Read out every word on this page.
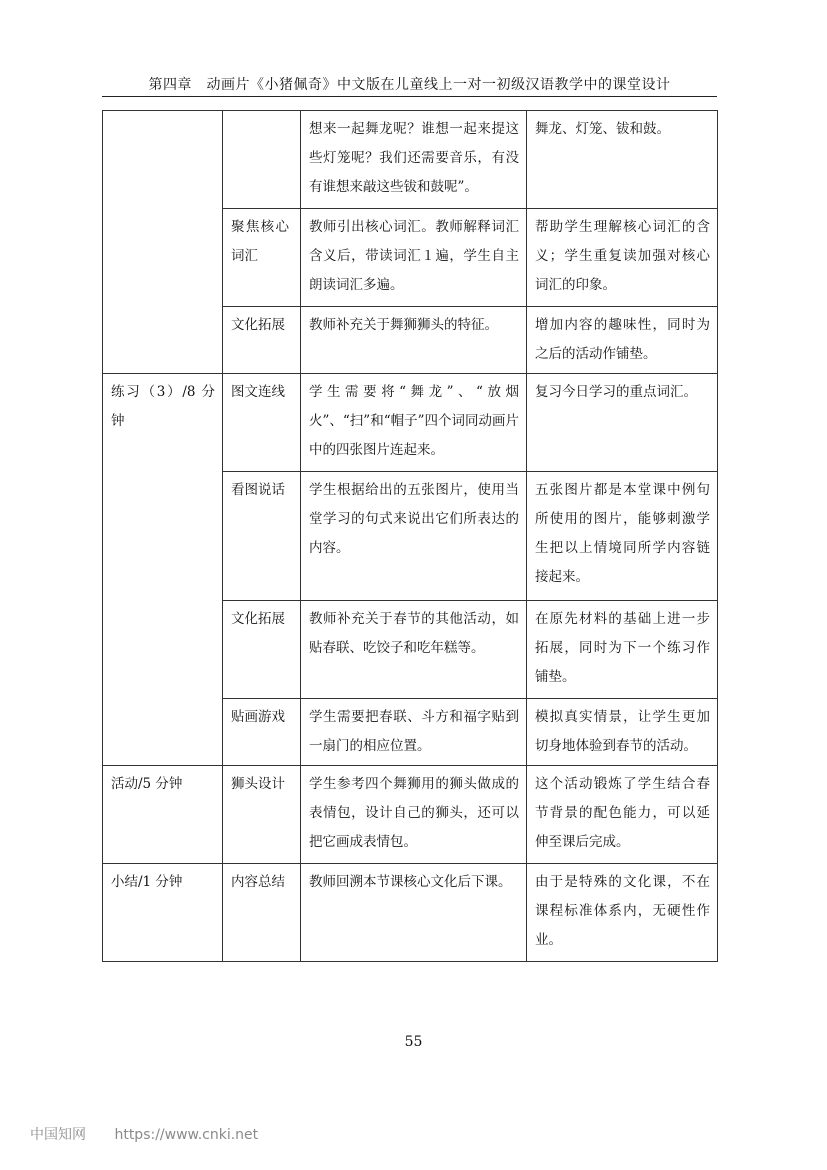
第四章　动画片《小猪佩奇》中文版在儿童线上一对一初级汉语教学中的课堂设计
		想来一起舞龙呢？谁想一起来提这些灯笼呢？我们还需要音乐，有没有谁想来敲这些钹和鼓呢”。	舞龙、灯笼、钹和鼓。
	聚焦核心词汇	教师引出核心词汇。教师解释词汇含义后，带读词汇１遍，学生自主朗读词汇多遍。	帮助学生理解核心词汇的含义；学生重复读加强对核心词汇的印象。
	文化拓展	教师补充关于舞狮狮头的特征。	增加内容的趣味性，同时为之后的活动作铺垫。
练习（3）/8 分钟	图文连线	学生需要将“舞龙”、“放烟火”、“扫”和“帽子”四个词同动画片中的四张图片连起来。	复习今日学习的重点词汇。
	看图说话	学生根据给出的五张图片，使用当堂学习的句式来说出它们所表达的内容。	五张图片都是本堂课中例句所使用的图片，能够刺激学生把以上情境同所学内容链接起来。
	文化拓展	教师补充关于春节的其他活动，如贴春联、吃饺子和吃年糕等。	在原先材料的基础上进一步拓展，同时为下一个练习作铺垫。
	贴画游戏	学生需要把春联、斗方和福字贴到一扇门的相应位置。	模拟真实情景，让学生更加切身地体验到春节的活动。
活动/5 分钟	狮头设计	学生参考四个舞狮用的狮头做成的表情包，设计自己的狮头，还可以把它画成表情包。	这个活动锻炼了学生结合春节背景的配色能力，可以延伸至课后完成。
小结/1 分钟	内容总结	教师回溯本节课核心文化后下课。	由于是特殊的文化课，不在课程标准体系内，无硬性作业。
55
中国知网 https://www.cnki.net
